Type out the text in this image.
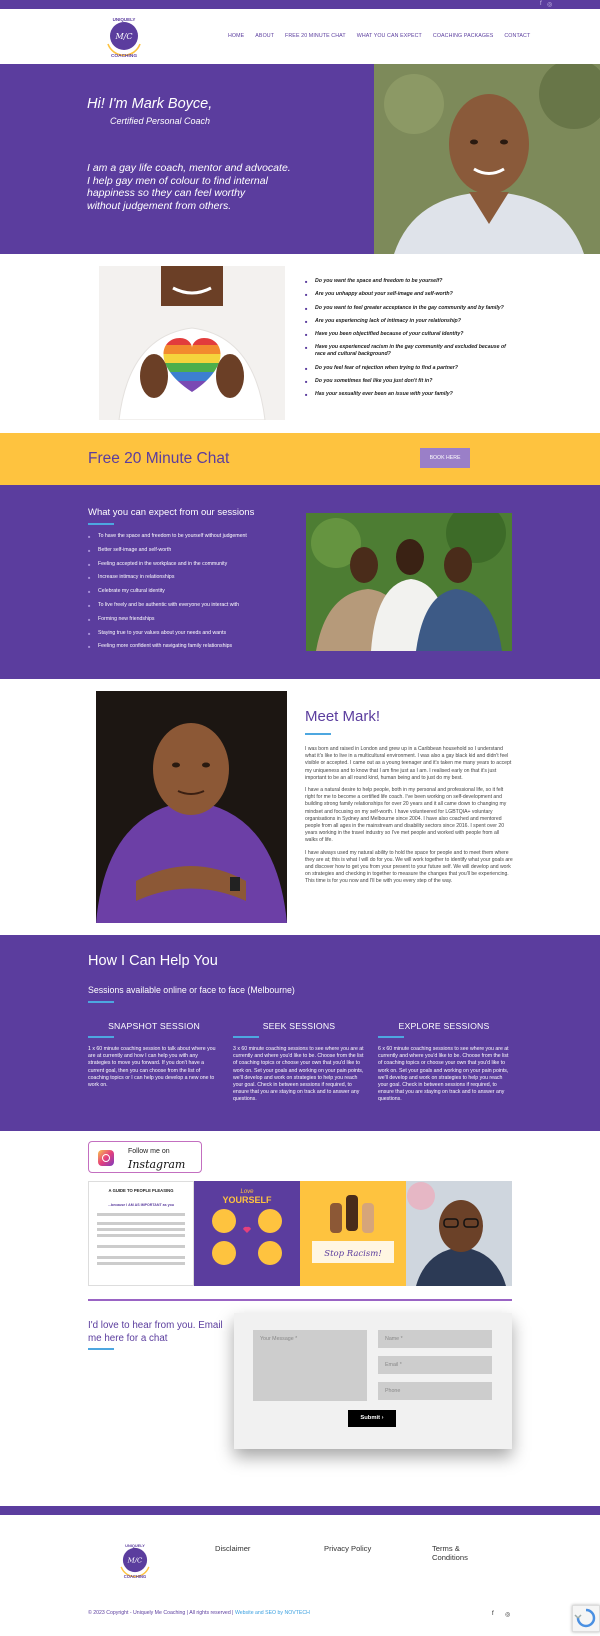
f ◎
M/C
UNIQUELY
COACHING
HOME ABOUT FREE 20 MINUTE CHAT WHAT YOU CAN EXPECT COACHING PACKAGES CONTACT
Hi! I'm Mark Boyce,
Certified Personal Coach
I am a gay life coach, mentor and advocate.
I help gay men of colour to find internal
happiness so they can feel worthy
without judgement from others.
■ Do you want the space and freedom to be yourself?
■ Are you unhappy about your self-image and self-worth?
■ Do you want to feel greater acceptance in the gay community and by family?
■ Are you experiencing lack of intimacy in your relationship?
■ Have you been objectified because of your cultural identity?
■ Have you experienced racism in the gay community and excluded because of race and cultural background?
■ Do you feel fear of rejection when trying to find a partner?
■ Do you sometimes feel like you just don't fit in?
■ Has your sexuality ever been an issue with your family?
Free 20 Minute Chat	BOOK HERE
What you can expect from our sessions
■ To have the space and freedom to be yourself without judgement
■ Better self-image and self-worth
■ Feeling accepted in the workplace and in the community
■ Increase intimacy in relationships
■ Celebrate my cultural identity
■ To live freely and be authentic with everyone you interact with
■ Forming new friendships
■ Staying true to your values about your needs and wants
■ Feeling more confident with navigating family relationships
Meet Mark!

I was born and raised in London and grew up in a Caribbean household so I understand what it's like to live in a multicultural environment. I was also a gay black kid and didn't feel visible or accepted. I came out as a young teenager and it's taken me many years to accept my uniqueness and to know that I am fine just as I am. I realised early on that it's just important to be an all round kind, human being and to just do my best.

I have a natural desire to help people, both in my personal and professional life, so it felt right for me to become a certified life coach. I've been working on self-development and building strong family relationships for over 20 years and it all came down to changing my mindset and focusing on my self-worth. I have volunteered for LGBTQIA+ voluntary organisations in Sydney and Melbourne since 2004. I have also coached and mentored people from all ages in the mainstream and disability sectors since 2016. I spent over 20 years working in the travel industry so I've met people and worked with people from all walks of life.

I have always used my natural ability to hold the space for people and to meet them where they are at; this is what I will do for you. We will work together to identify what your goals are and discover how to get you from your present to your future self. We will develop and work on strategies and checking in together to measure the changes that you'll be experiencing. This time is for you now and I'll be with you every step of the way.

How I Can Help You
Sessions available online or face to face (Melbourne)
SNAPSHOT SESSION

1 x 60 minute coaching session to talk about where you are at currently and how I can help you with any strategies to move you forward. If you don't have a current goal, then you can choose from the list of coaching topics or I can help you develop a new one to work on.

SEEK SESSIONS

3 x 60 minute coaching sessions to see where you are at currently and where you'd like to be. Choose from the list of coaching topics or choose your own that you'd like to work on. Set your goals and working on your pain points, we'll develop and work on strategies to help you reach your goal. Check in between sessions if required, to ensure that you are staying on track and to answer any questions.

EXPLORE SESSIONS

6 x 60 minute coaching sessions to see where you are at currently and where you'd like to be. Choose from the list of coaching topics or choose your own that you'd like to work on. Set your goals and working on your pain points, we'll develop and work on strategies to help you reach your goal. Check in between sessions if required, to ensure that you are staying on track and to answer any questions.

Follow me on
Instagram
A GUIDE TO PEOPLE PLEASING
...because I AM AS IMPORTANT as you
Love
YOURSELF
Stop Racism!
I'd love to hear from you. Email me here for a chat	Your Message *	Name *
Email *
Phone
Submit ›
M/C
UNIQUELY
COACHING
Disclaimer	Privacy Policy	Terms &
Conditions
© 2023 Copyright - Uniquely Me Coaching | All rights reserved | Website and SEO by NOVTECH	f ◎
